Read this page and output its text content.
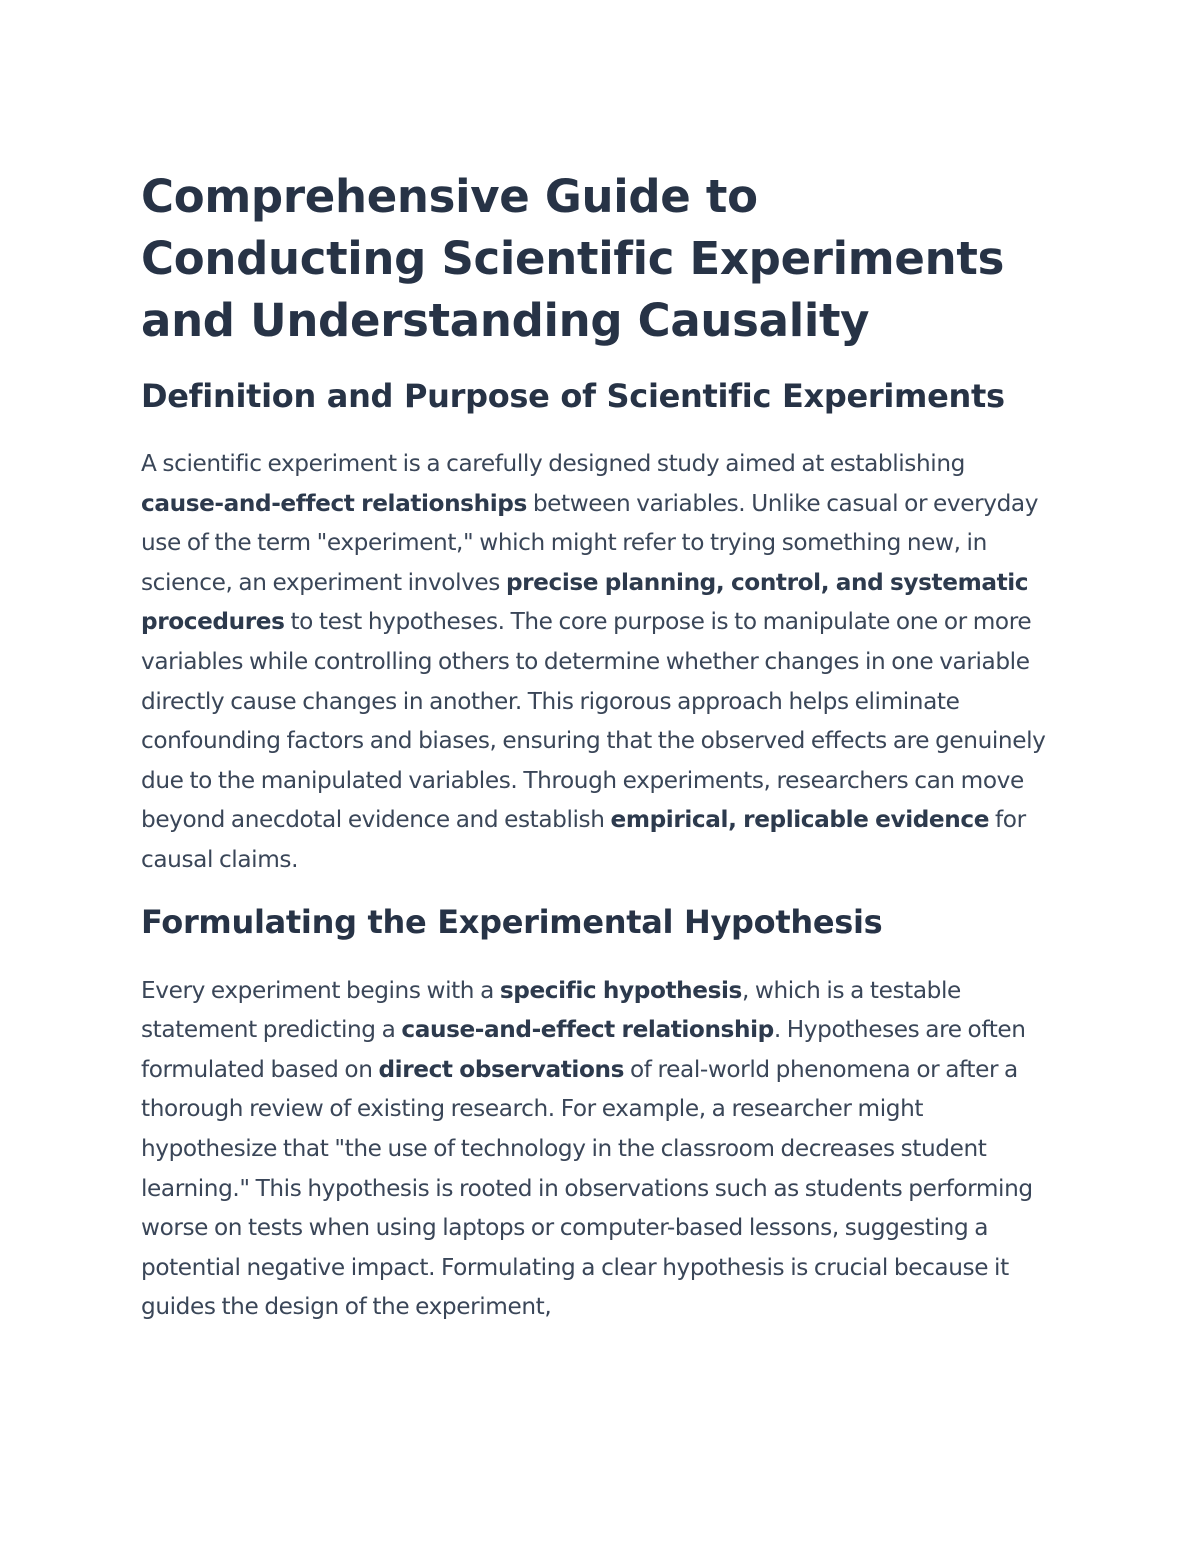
Comprehensive Guide to Conducting Scientific Experiments and Understanding Causality
Definition and Purpose of Scientific Experiments

A scientific experiment is a carefully designed study aimed at establishing cause-and-effect relationships between variables. Unlike casual or everyday use of the term "experiment," which might refer to trying something new, in science, an experiment involves precise planning, control, and systematic procedures to test hypotheses. The core purpose is to manipulate one or more variables while controlling others to determine whether changes in one variable directly cause changes in another. This rigorous approach helps eliminate confounding factors and biases, ensuring that the observed effects are genuinely due to the manipulated variables. Through experiments, researchers can move beyond anecdotal evidence and establish empirical, replicable evidence for causal claims.

Formulating the Experimental Hypothesis

Every experiment begins with a specific hypothesis, which is a testable statement predicting a cause-and-effect relationship. Hypotheses are often formulated based on direct observations of real-world phenomena or after a thorough review of existing research. For example, a researcher might hypothesize that "the use of technology in the classroom decreases student learning." This hypothesis is rooted in observations such as students performing worse on tests when using laptops or computer-based lessons, suggesting a potential negative impact. Formulating a clear hypothesis is crucial because it guides the design of the experiment,
